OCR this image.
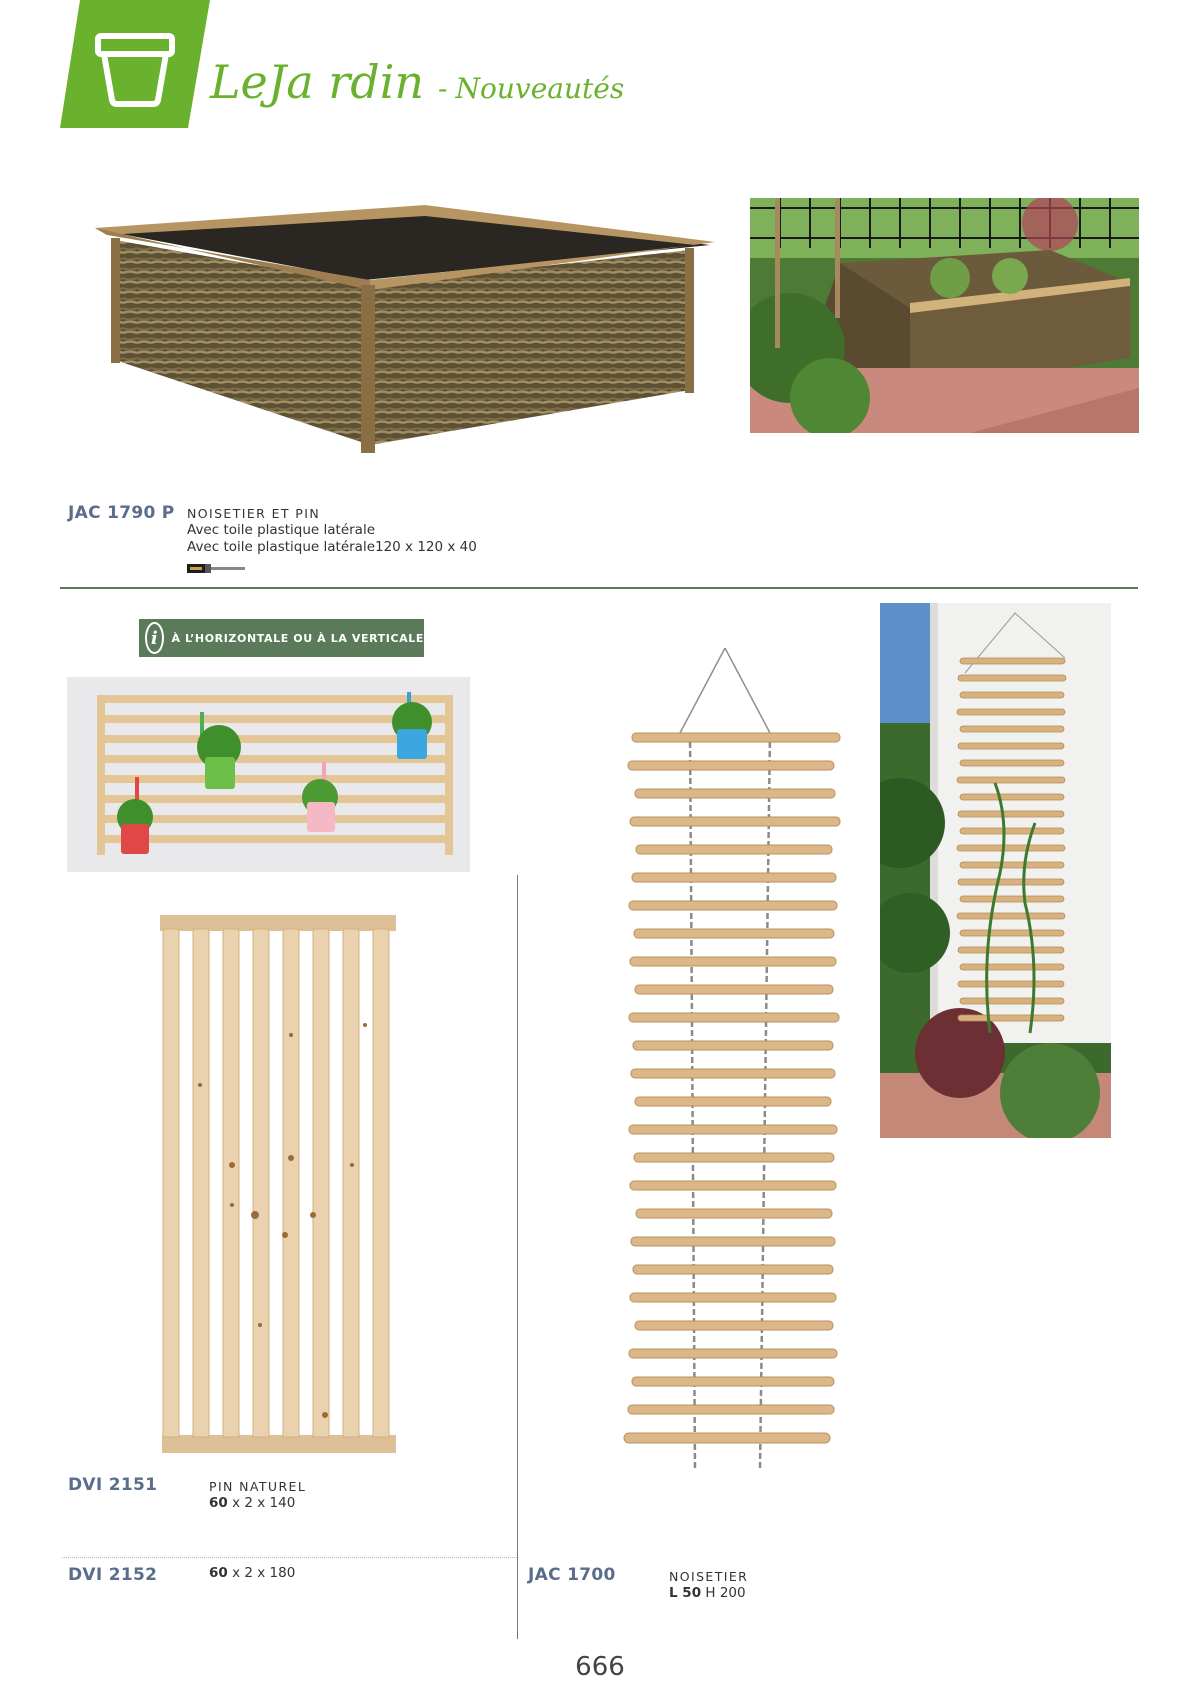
LeJa rdin - Nouveautés
JAC 1790 P NOISETIER ET PIN
Avec toile plastique latérale
Avec toile plastique latérale120 x 120 x 40
i	À L’HORIZONTALE OU À LA VERTICALE
DVI 2151	PIN NATUREL
60 x 2 x 140
DVI 2152	60 x 2 x 180	JAC 1700	NOISETIER
L 50 H 200
666
